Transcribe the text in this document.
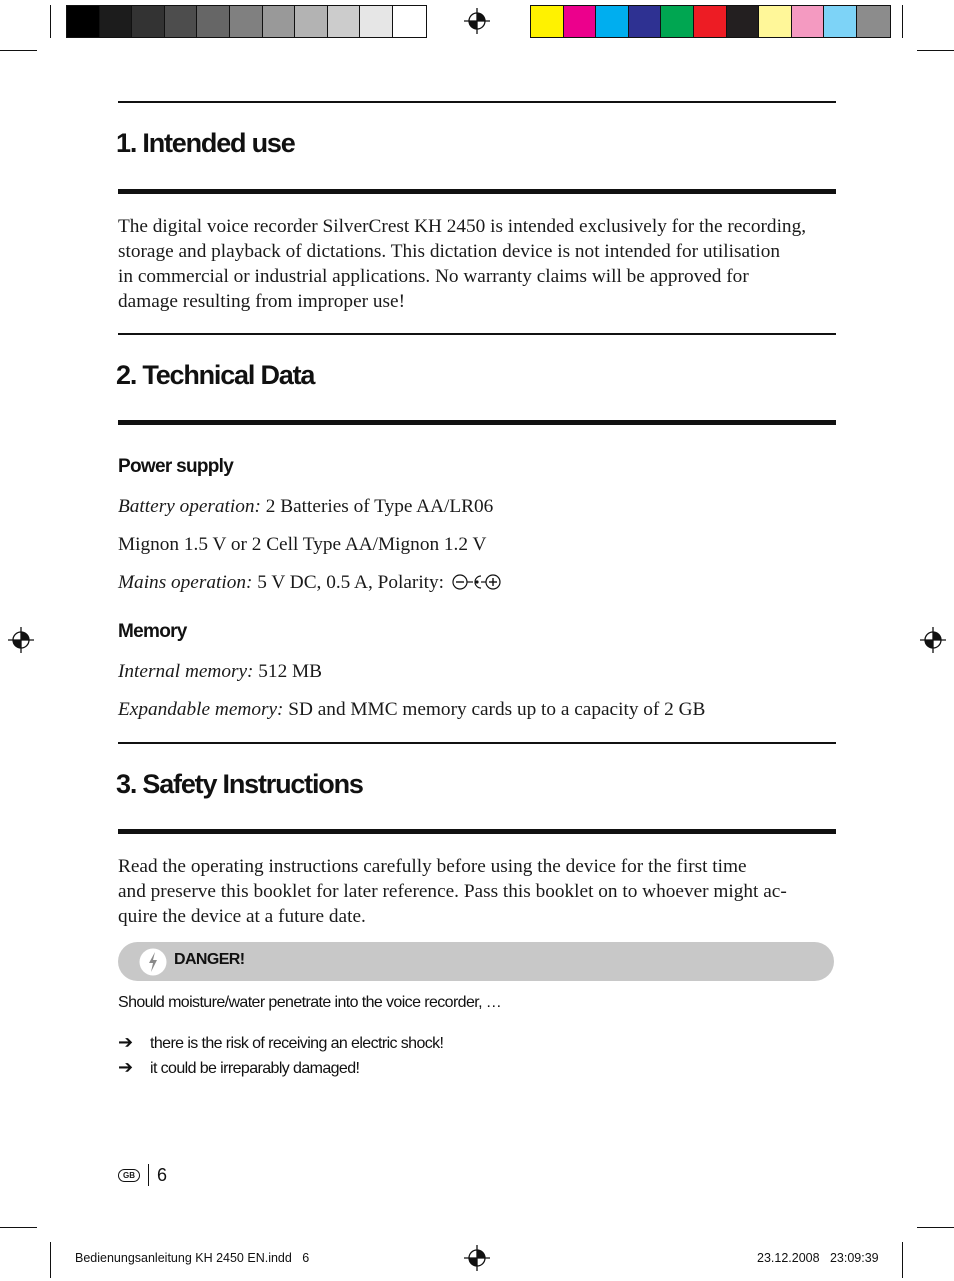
1. Intended use
The digital voice recorder SilverCrest KH 2450 is intended exclusively for the recording,
storage and playback of dictations. This dictation device is not intended for utilisation
in commercial or industrial applications. No warranty claims will be approved for
damage resulting from improper use!
2. Technical Data
Power supply
Battery operation: 2 Batteries of Type AA/LR06
Mignon 1.5 V or 2 Cell Type AA/Mignon 1.2 V
Mains operation: 5 V DC, 0.5 A, Polarity:
Memory
Internal memory: 512 MB
Expandable memory: SD and MMC memory cards up to a capacity of 2 GB
3. Safety Instructions
Read the operating instructions carefully before using the device for the first time
and preserve this booklet for later reference. Pass this booklet on to whoever might ac-
quire the device at a future date.
DANGER!
Should moisture/water penetrate into the voice recorder, …
➔ there is the risk of receiving an electric shock!
➔ it could be irreparably damaged!
GB 6
Bedienungsanleitung KH 2450 EN.indd   6	23.12.2008   23:09:39
